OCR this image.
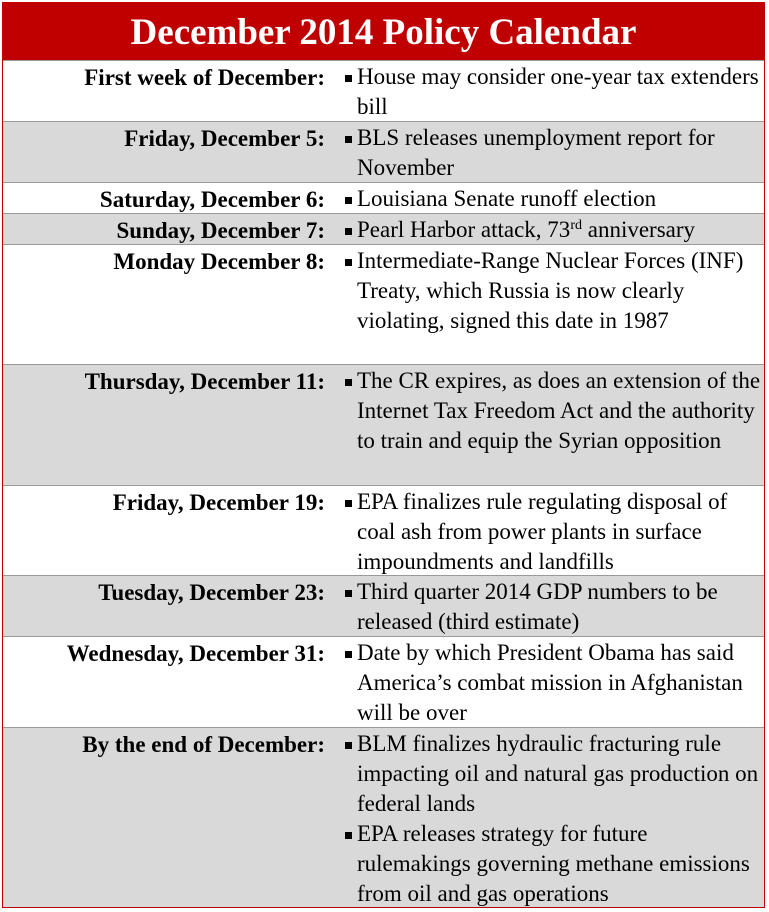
December 2014 Policy Calendar
First week of December:	House may consider one-year tax extenders bill
Friday, December 5:	BLS releases unemployment report for November
Saturday, December 6:	Louisiana Senate runoff election
Sunday, December 7:	Pearl Harbor attack, 73rd anniversary
Monday December 8:	Intermediate-Range Nuclear Forces (INF) Treaty, which Russia is now clearly violating, signed this date in 1987
Thursday, December 11:	The CR expires, as does an extension of the Internet Tax Freedom Act and the authority to train and equip the Syrian opposition
Friday, December 19:	EPA finalizes rule regulating disposal of coal ash from power plants in surface impoundments and landfills
Tuesday, December 23:	Third quarter 2014 GDP numbers to be released (third estimate)
Wednesday, December 31:	Date by which President Obama has said America’s combat mission in Afghanistan will be over
By the end of December:	BLM finalizes hydraulic fracturing rule impacting oil and natural gas production on federal lands
EPA releases strategy for future rulemakings governing methane emissions from oil and gas operations
